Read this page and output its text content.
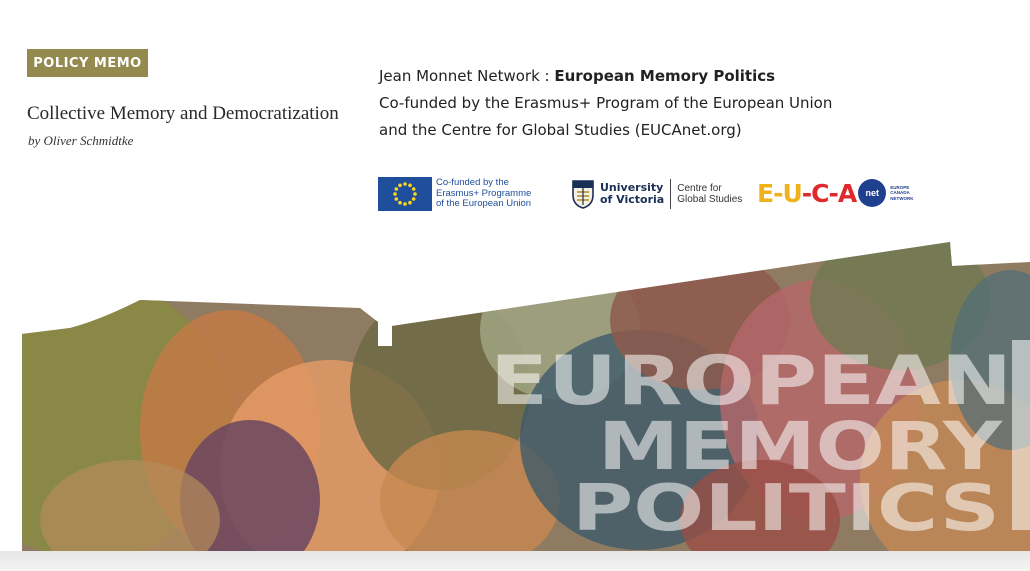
POLICY MEMO
Collective Memory and Democratization
by Oliver Schmidtke
Jean Monnet Network : European Memory Politics
Co-funded by the Erasmus+ Program of the European Union
and the Centre for Global Studies (EUCAnet.org)
Co-funded by the
Erasmus+ Programme
of the European Union
University
of Victoria
Centre for
Global Studies E - U - C - A	net
EUROPE
CANADA
NETWORK
EUROPEAN
MEMORY
POLITICS
